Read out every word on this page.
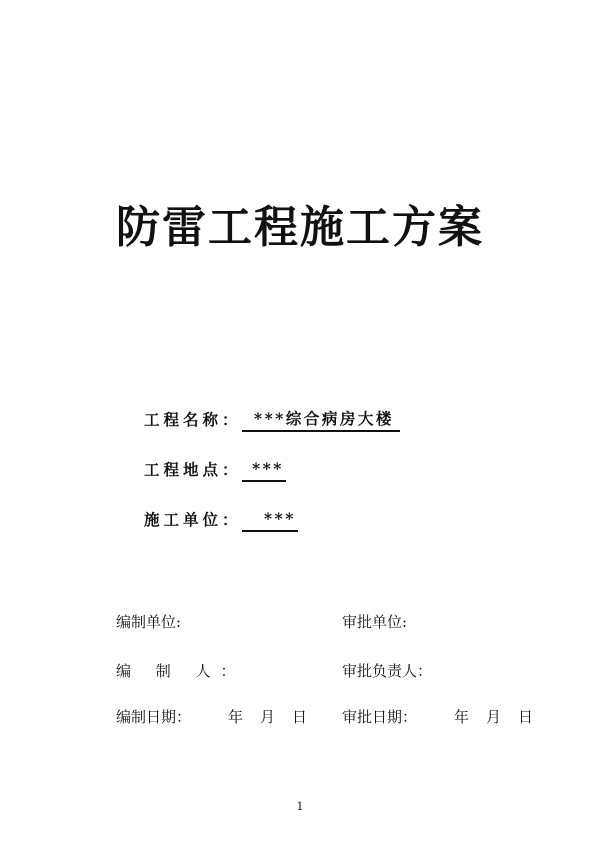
防雷工程施工方案
工程名称： ***综合病房大楼
工程地点： ***
施工单位：	***
编制单位:	审批单位:
编 制 人：	审批负责人：
编制日期： 年 月 日	审批日期： 年 月 日
1
